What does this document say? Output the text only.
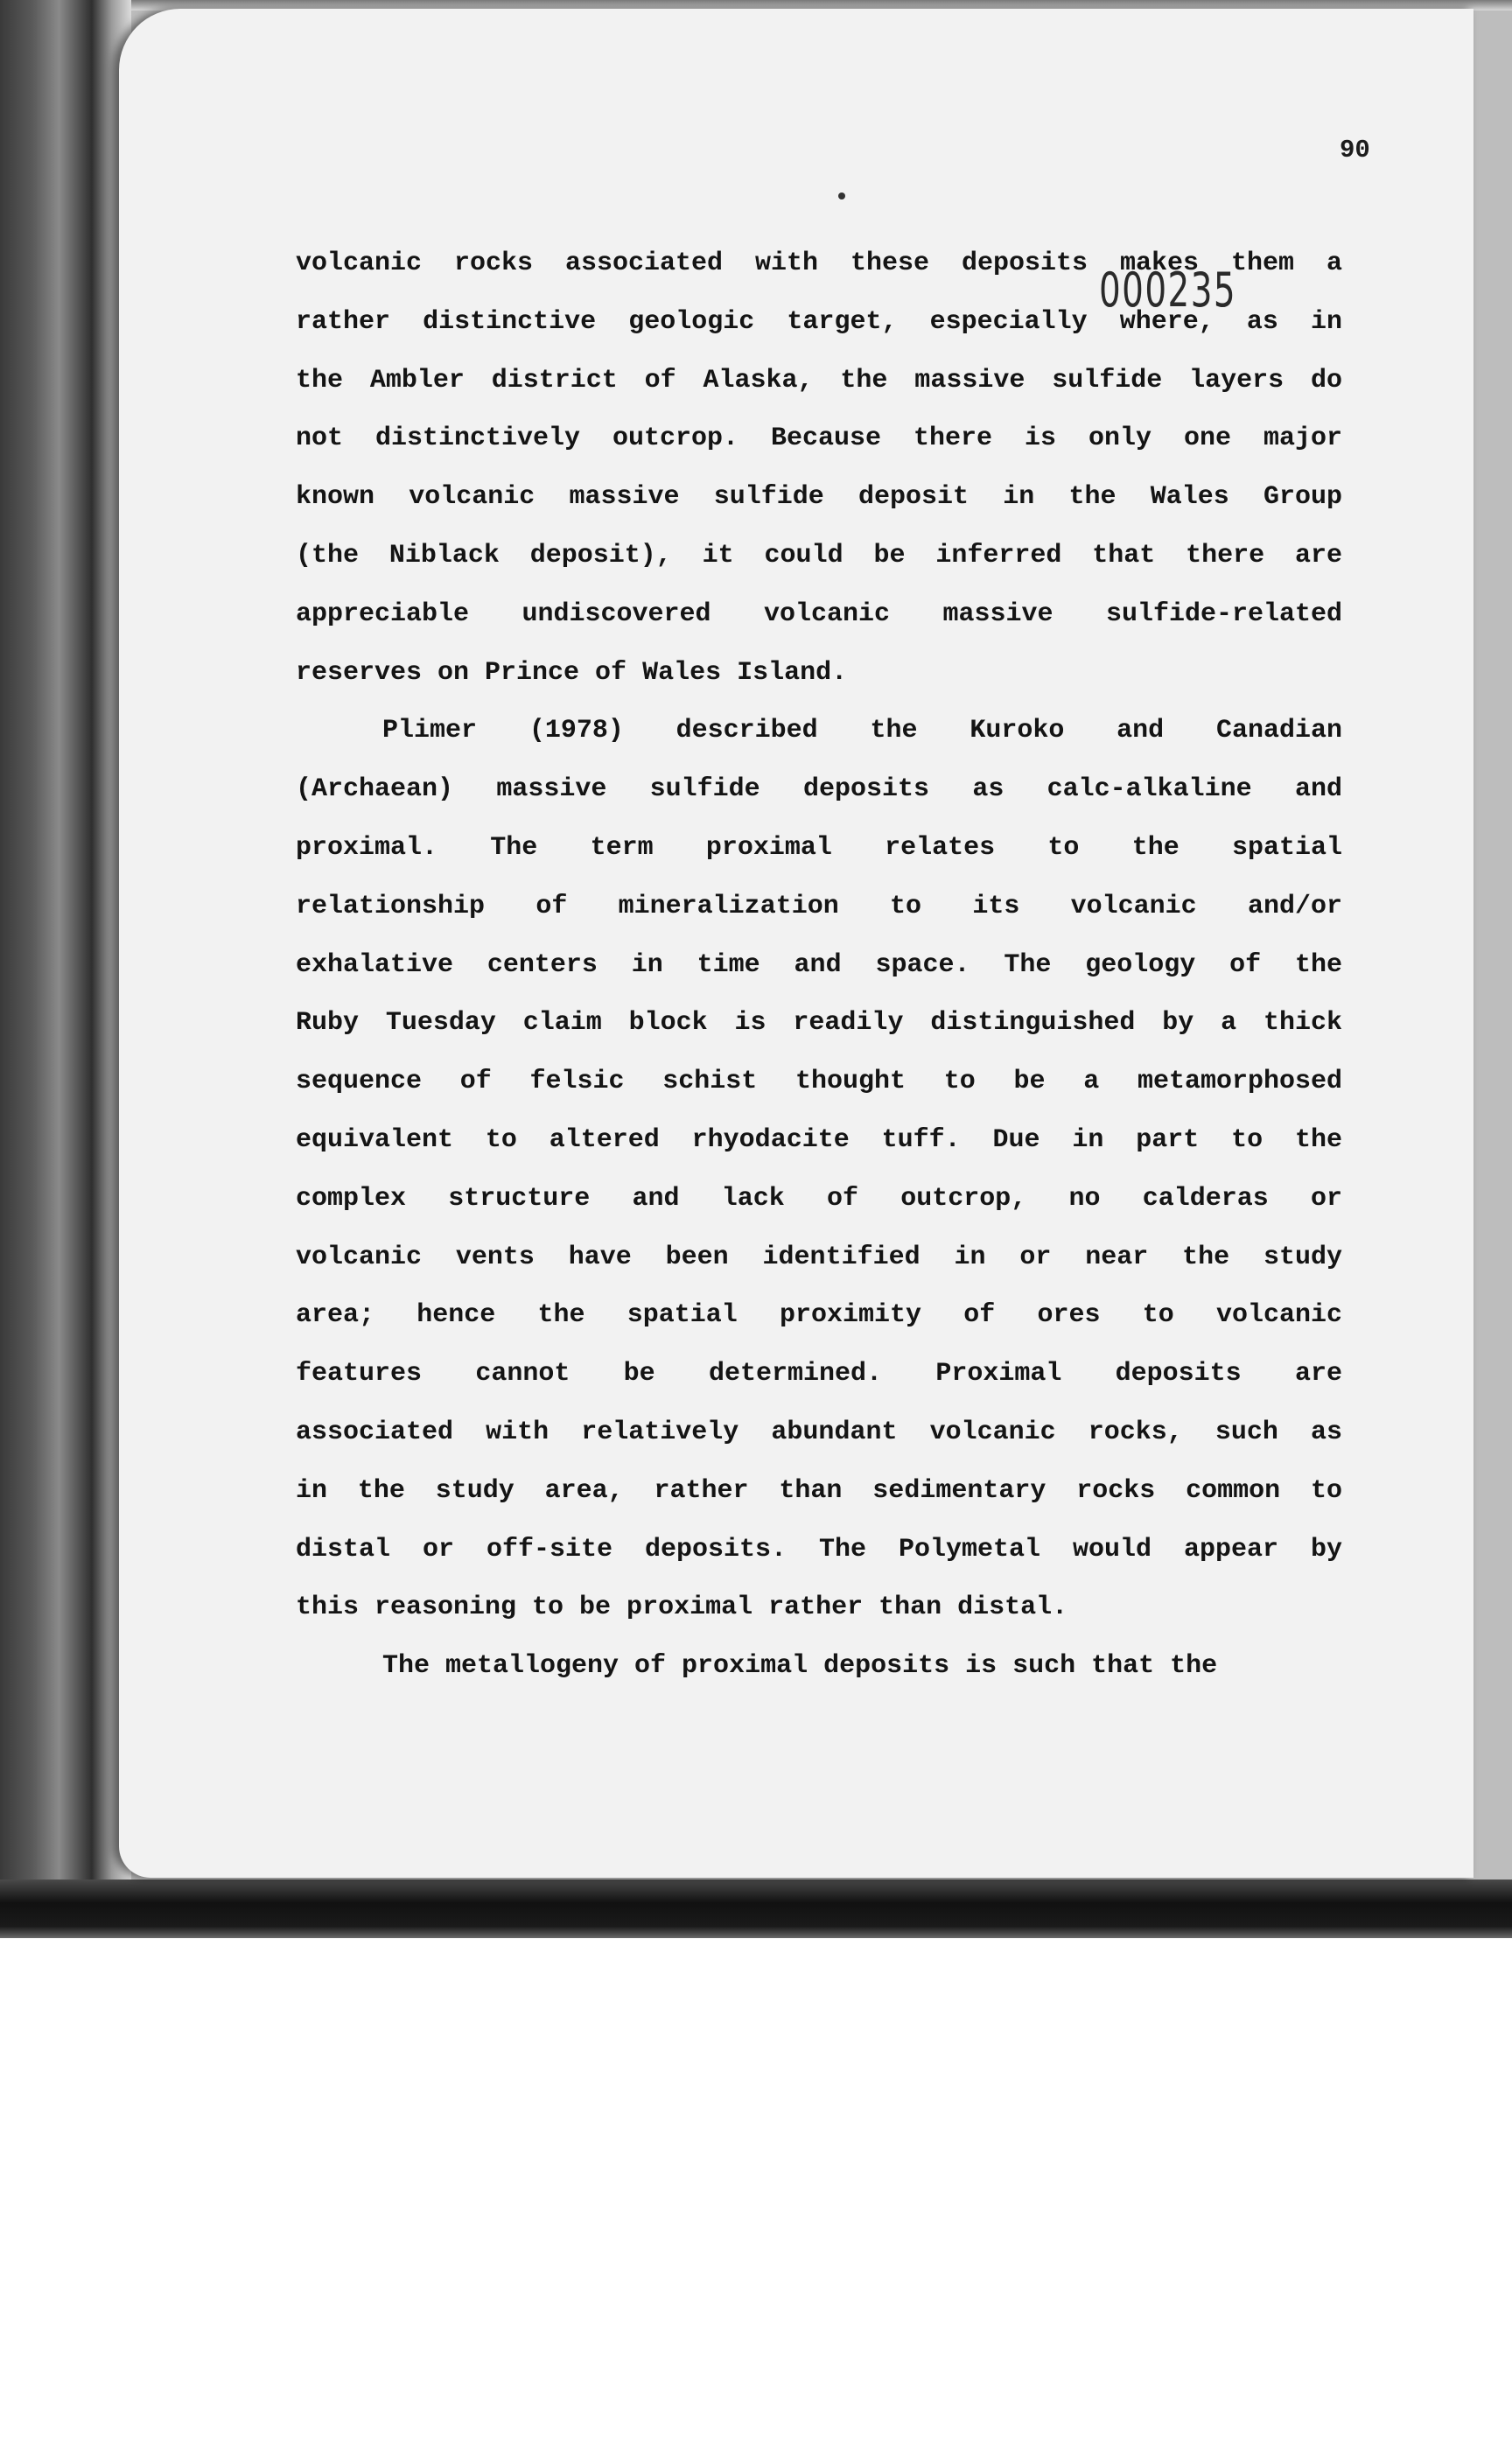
90
000235
volcanic rocks associated with these deposits makes them a
rather distinctive geologic target, especially where, as in
the Ambler district of Alaska, the massive sulfide layers do
not distinctively outcrop. Because there is only one major
known volcanic massive sulfide deposit in the Wales Group
(the Niblack deposit), it could be inferred that there are
appreciable undiscovered volcanic massive sulfide-related
reserves on Prince of Wales Island.
Plimer (1978) described the Kuroko and Canadian
(Archaean) massive sulfide deposits as calc-alkaline and
proximal. The term proximal relates to the spatial
relationship of mineralization to its volcanic and/or
exhalative centers in time and space. The geology of the
Ruby Tuesday claim block is readily distinguished by a thick
sequence of felsic schist thought to be a metamorphosed
equivalent to altered rhyodacite tuff. Due in part to the
complex structure and lack of outcrop, no calderas or
volcanic vents have been identified in or near the study
area; hence the spatial proximity of ores to volcanic
features cannot be determined. Proximal deposits are
associated with relatively abundant volcanic rocks, such as
in the study area, rather than sedimentary rocks common to
distal or off-site deposits. The Polymetal would appear by
this reasoning to be proximal rather than distal.
The metallogeny of proximal deposits is such that the
